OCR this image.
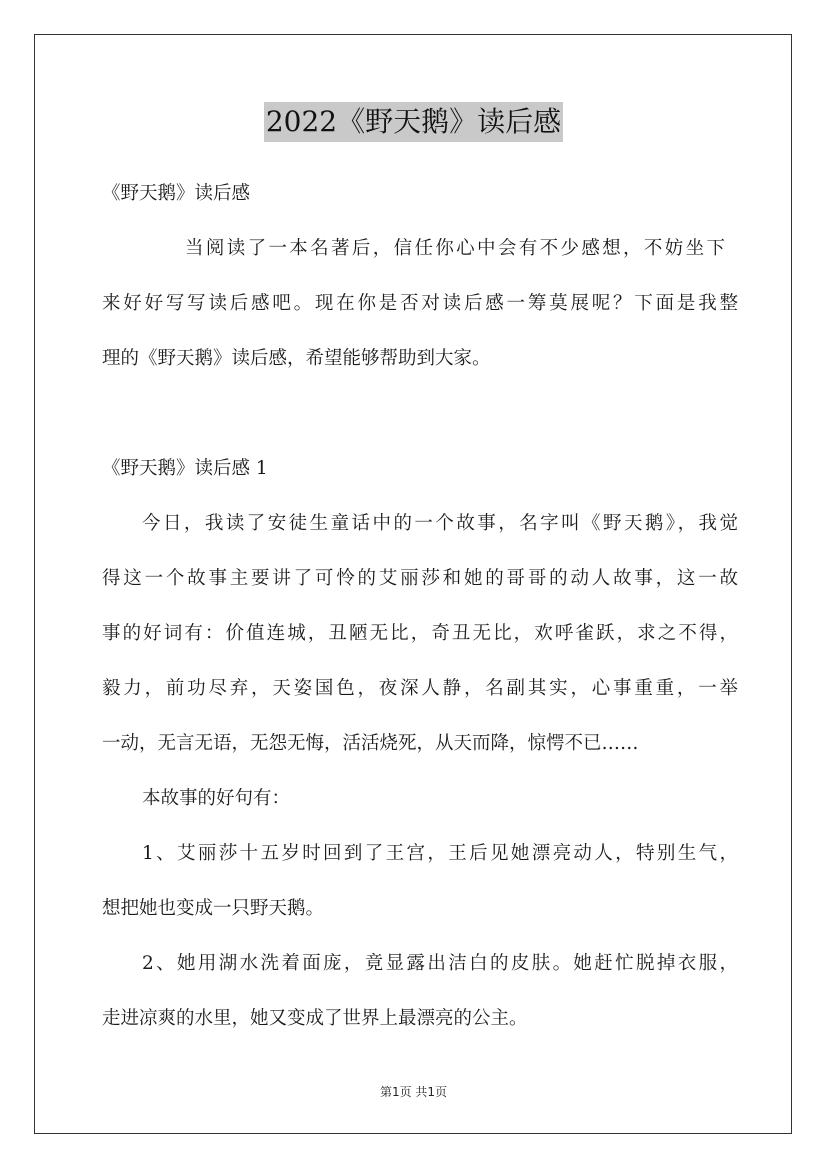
2022《野天鹅》读后感
《野天鹅》读后感
当阅读了一本名著后，信任你心中会有不少感想，不妨坐下
来好好写写读后感吧。现在你是否对读后感一筹莫展呢？下面是我整
理的《野天鹅》读后感，希望能够帮助到大家。
《野天鹅》读后感 1
今日，我读了安徒生童话中的一个故事，名字叫《野天鹅》，我觉
得这一个故事主要讲了可怜的艾丽莎和她的哥哥的动人故事，这一故
事的好词有：价值连城，丑陋无比，奇丑无比，欢呼雀跃，求之不得，
毅力，前功尽弃，天姿国色，夜深人静，名副其实，心事重重，一举
一动，无言无语，无怨无悔，活活烧死，从天而降，惊愕不已……
本故事的好句有：
1、艾丽莎十五岁时回到了王宫，王后见她漂亮动人，特别生气，
想把她也变成一只野天鹅。
2、她用湖水洗着面庞，竟显露出洁白的皮肤。她赶忙脱掉衣服，
走进凉爽的水里，她又变成了世界上最漂亮的公主。
第1页 共1页
